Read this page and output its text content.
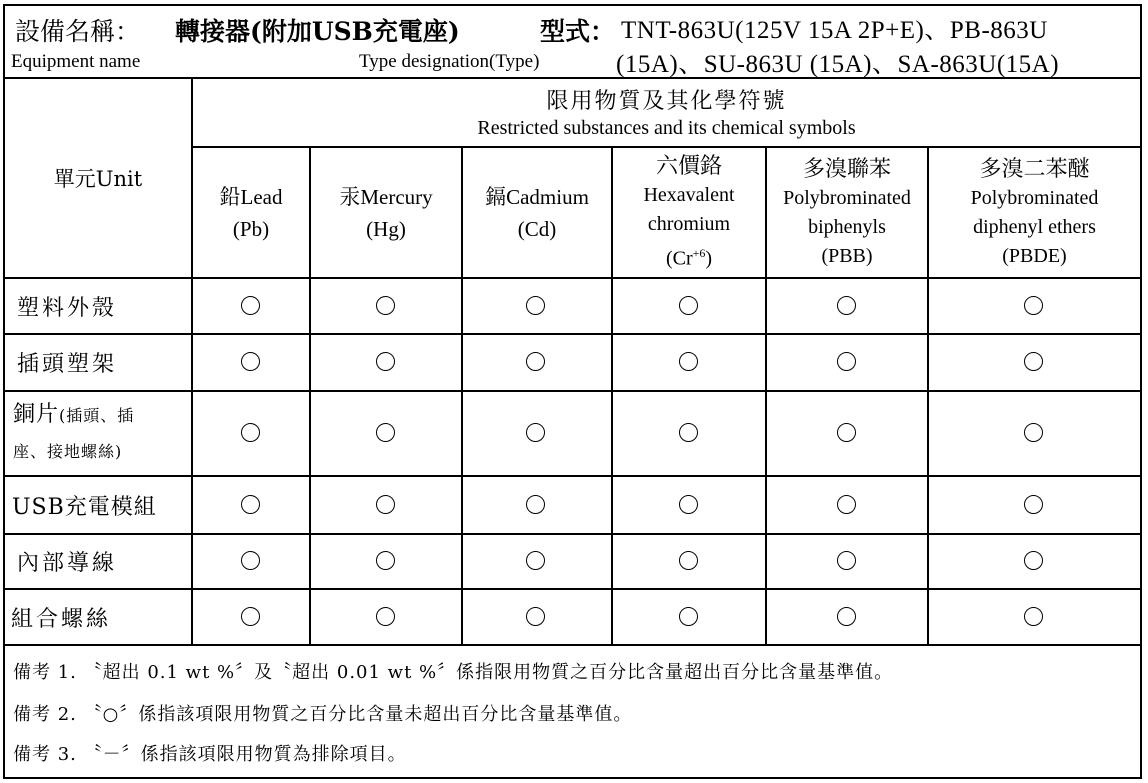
設備名稱： 轉接器(附加USB充電座)
Equipment name
型式： TNT-863U(125V 15A 2P+E)、PB-863U
Type designation(Type)	(15A)、SU-863U (15A)、SA-863U(15A)
單元Unit
限用物質及其化學符號
Restricted substances and its chemical symbols
鉛Lead
(Pb)
汞Mercury
(Hg)
鎘Cadmium
(Cd)
六價鉻
Hexavalent
chromium
$(Cr^{+6})$
多溴聯苯
Polybrominated
biphenyls
(PBB)
多溴二苯醚
Polybrominated
diphenyl ethers
(PBDE)
塑料外殼
插頭塑架
銅片(插頭、插
座、接地螺絲)
USB充電模組
內部導線
組合螺絲
備考 1. 〝超出 0.1 wt %〞及〝超出 0.01 wt %〞係指限用物質之百分比含量超出百分比含量基準值。
備考 2. 〝○〞係指該項限用物質之百分比含量未超出百分比含量基準值。
備考 3. 〝－〞係指該項限用物質為排除項目。
